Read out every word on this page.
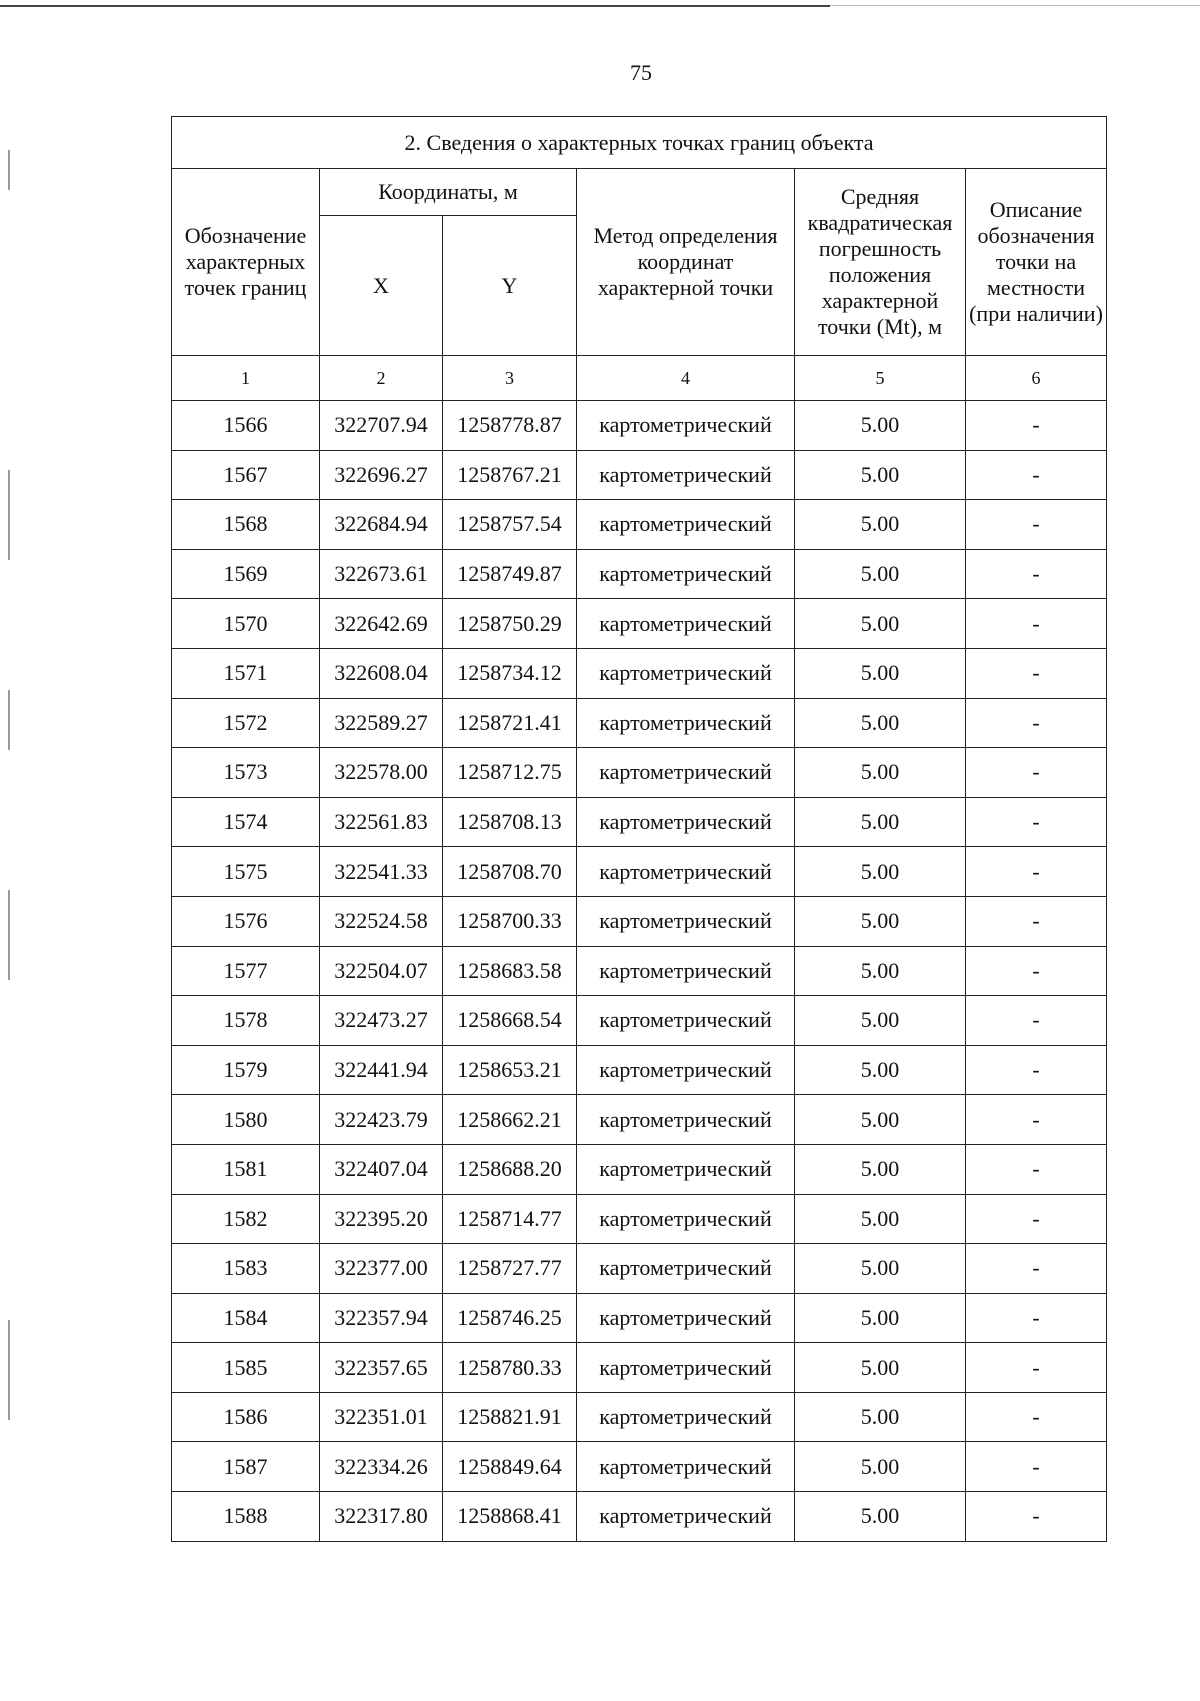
75
2. Сведения о характерных точках границ объекта					
Обозначение характерных точек границ	Координаты, м		Метод определения координат характерной точки	Средняя квадратическая погрешность положения характерной точки (Mt), м	Описание обозначения точки на местности (при наличии)
	X	Y			
1	2	3	4	5	6
1566	322707.94	1258778.87	картометрический	5.00	-
1567	322696.27	1258767.21	картометрический	5.00	-
1568	322684.94	1258757.54	картометрический	5.00	-
1569	322673.61	1258749.87	картометрический	5.00	-
1570	322642.69	1258750.29	картометрический	5.00	-
1571	322608.04	1258734.12	картометрический	5.00	-
1572	322589.27	1258721.41	картометрический	5.00	-
1573	322578.00	1258712.75	картометрический	5.00	-
1574	322561.83	1258708.13	картометрический	5.00	-
1575	322541.33	1258708.70	картометрический	5.00	-
1576	322524.58	1258700.33	картометрический	5.00	-
1577	322504.07	1258683.58	картометрический	5.00	-
1578	322473.27	1258668.54	картометрический	5.00	-
1579	322441.94	1258653.21	картометрический	5.00	-
1580	322423.79	1258662.21	картометрический	5.00	-
1581	322407.04	1258688.20	картометрический	5.00	-
1582	322395.20	1258714.77	картометрический	5.00	-
1583	322377.00	1258727.77	картометрический	5.00	-
1584	322357.94	1258746.25	картометрический	5.00	-
1585	322357.65	1258780.33	картометрический	5.00	-
1586	322351.01	1258821.91	картометрический	5.00	-
1587	322334.26	1258849.64	картометрический	5.00	-
1588	322317.80	1258868.41	картометрический	5.00	-
